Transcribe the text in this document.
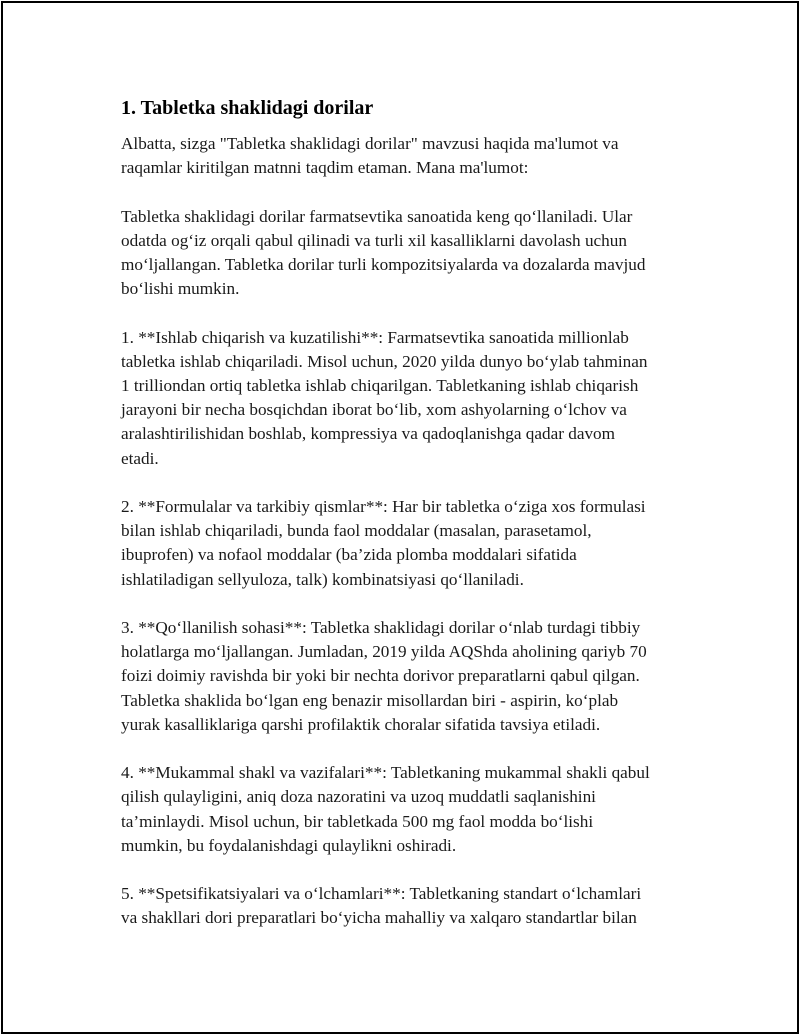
1. Tabletka shaklidagi dorilar

Albatta, sizga "Tabletka shaklidagi dorilar" mavzusi haqida ma'lumot va
raqamlar kiritilgan matnni taqdim etaman. Mana ma'lumot:

Tabletka shaklidagi dorilar farmatsevtika sanoatida keng qo‘llaniladi. Ular
odatda og‘iz orqali qabul qilinadi va turli xil kasalliklarni davolash uchun
mo‘ljallangan. Tabletka dorilar turli kompozitsiyalarda va dozalarda mavjud
bo‘lishi mumkin.

1. **Ishlab chiqarish va kuzatilishi**: Farmatsevtika sanoatida millionlab
tabletka ishlab chiqariladi. Misol uchun, 2020 yilda dunyo bo‘ylab tahminan
1 trilliondan ortiq tabletka ishlab chiqarilgan. Tabletkaning ishlab chiqarish
jarayoni bir necha bosqichdan iborat bo‘lib, xom ashyolarning o‘lchov va
aralashtirilishidan boshlab, kompressiya va qadoqlanishga qadar davom
etadi.

2. **Formulalar va tarkibiy qismlar**: Har bir tabletka o‘ziga xos formulasi
bilan ishlab chiqariladi, bunda faol moddalar (masalan, parasetamol,
ibuprofen) va nofaol moddalar (ba’zida plomba moddalari sifatida
ishlatiladigan sellyuloza, talk) kombinatsiyasi qo‘llaniladi.

3. **Qo‘llanilish sohasi**: Tabletka shaklidagi dorilar o‘nlab turdagi tibbiy
holatlarga mo‘ljallangan. Jumladan, 2019 yilda AQShda aholining qariyb 70
foizi doimiy ravishda bir yoki bir nechta dorivor preparatlarni qabul qilgan.
Tabletka shaklida bo‘lgan eng benazir misollardan biri - aspirin, ko‘plab
yurak kasalliklariga qarshi profilaktik choralar sifatida tavsiya etiladi.

4. **Mukammal shakl va vazifalari**: Tabletkaning mukammal shakli qabul
qilish qulayligini, aniq doza nazoratini va uzoq muddatli saqlanishini
ta’minlaydi. Misol uchun, bir tabletkada 500 mg faol modda bo‘lishi
mumkin, bu foydalanishdagi qulaylikni oshiradi.

5. **Spetsifikatsiyalari va o‘lchamlari**: Tabletkaning standart o‘lchamlari
va shakllari dori preparatlari bo‘yicha mahalliy va xalqaro standartlar bilan
